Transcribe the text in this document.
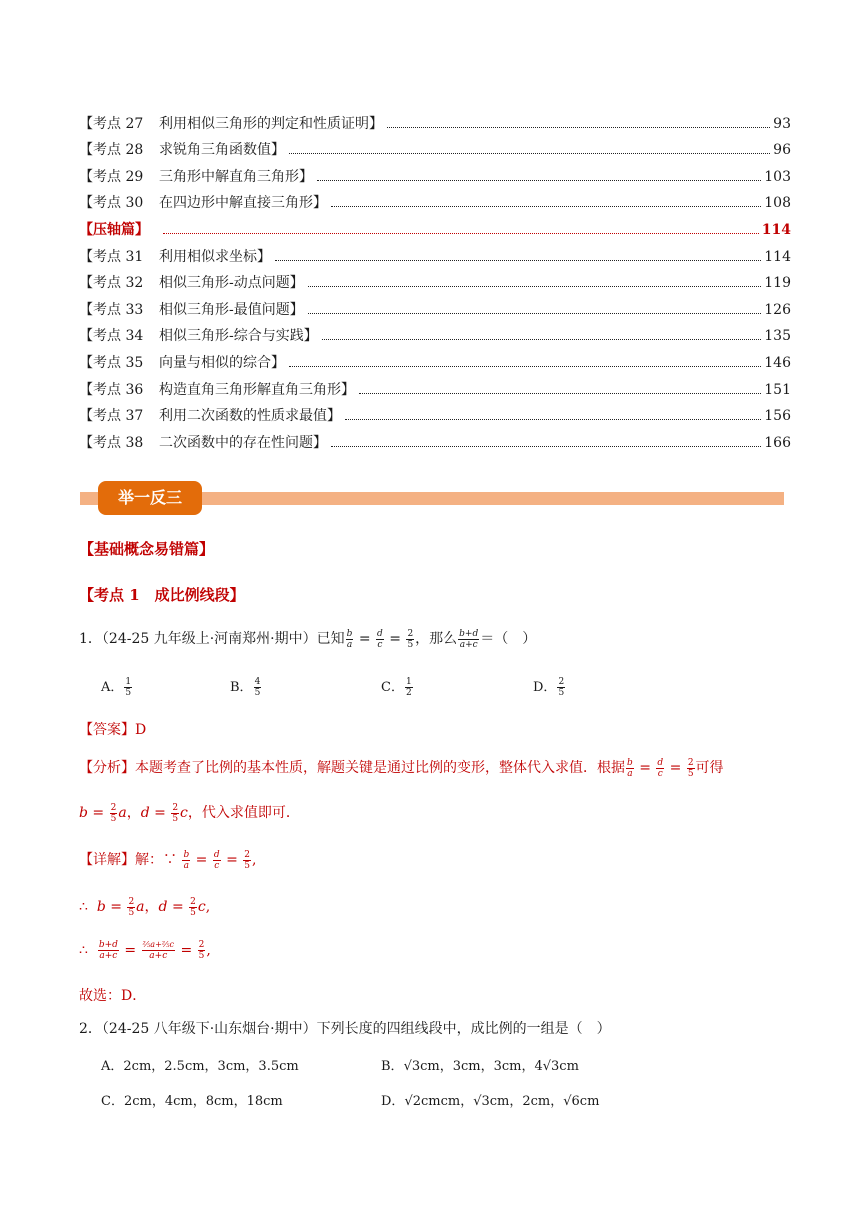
【考点 27 利用相似三角形的判定和性质证明】	93
【考点 28 求锐角三角函数值】	96
【考点 29 三角形中解直角三角形】	103
【考点 30 在四边形中解直接三角形】	108
【压轴篇】	114
【考点 31 利用相似求坐标】	114
【考点 32 相似三角形-动点问题】	119
【考点 33 相似三角形-最值问题】	126
【考点 34 相似三角形-综合与实践】	135
【考点 35 向量与相似的综合】	146
【考点 36 构造直角三角形解直角三角形】	151
【考点 37 利用二次函数的性质求最值】	156
【考点 38 二次函数中的存在性问题】	166
举一反三
【基础概念易错篇】
【考点 1　成比例线段】
1．（24-25 九年级上·河南郑州·期中）已知 $\frac{b}{a} = \frac{d}{c} = \frac{2}{5}$ ，那么 $\frac{b+d}{a+c}$ ＝（　）
A． $\frac{1}{5}$	B． $\frac{4}{5}$	C． $\frac{1}{2}$	D． $\frac{2}{5}$
【答案】D
【分析】本题考查了比例的基本性质，解题关键是通过比例的变形，整体代入求值．根据 $\frac{b}{a} = \frac{d}{c} = \frac{2}{5}$ 可得
$b = \frac{2}{5}$ a，$d = \frac{2}{5}$ c，代入求值即可．
【详解】解：∵ $\frac{b}{a} = \frac{d}{c} = \frac{2}{5}$ ,
∴ $b = \frac{2}{5}$ a，$d = \frac{2}{5} c$,
∴ $\frac{b+d}{a+c} = \frac{\text{⅖a+⅖c}}{a+c} = \frac{2}{5}$ ,
故选：D．
2．（24-25 八年级下·山东烟台·期中）下列长度的四组线段中，成比例的一组是（　）
A．2cm，2.5cm，3cm，3.5cm	B．√3cm，3cm，3cm，4√3cm
C．2cm，4cm，8cm，18cm	D．√2cmcm，√3cm，2cm，√6cm
